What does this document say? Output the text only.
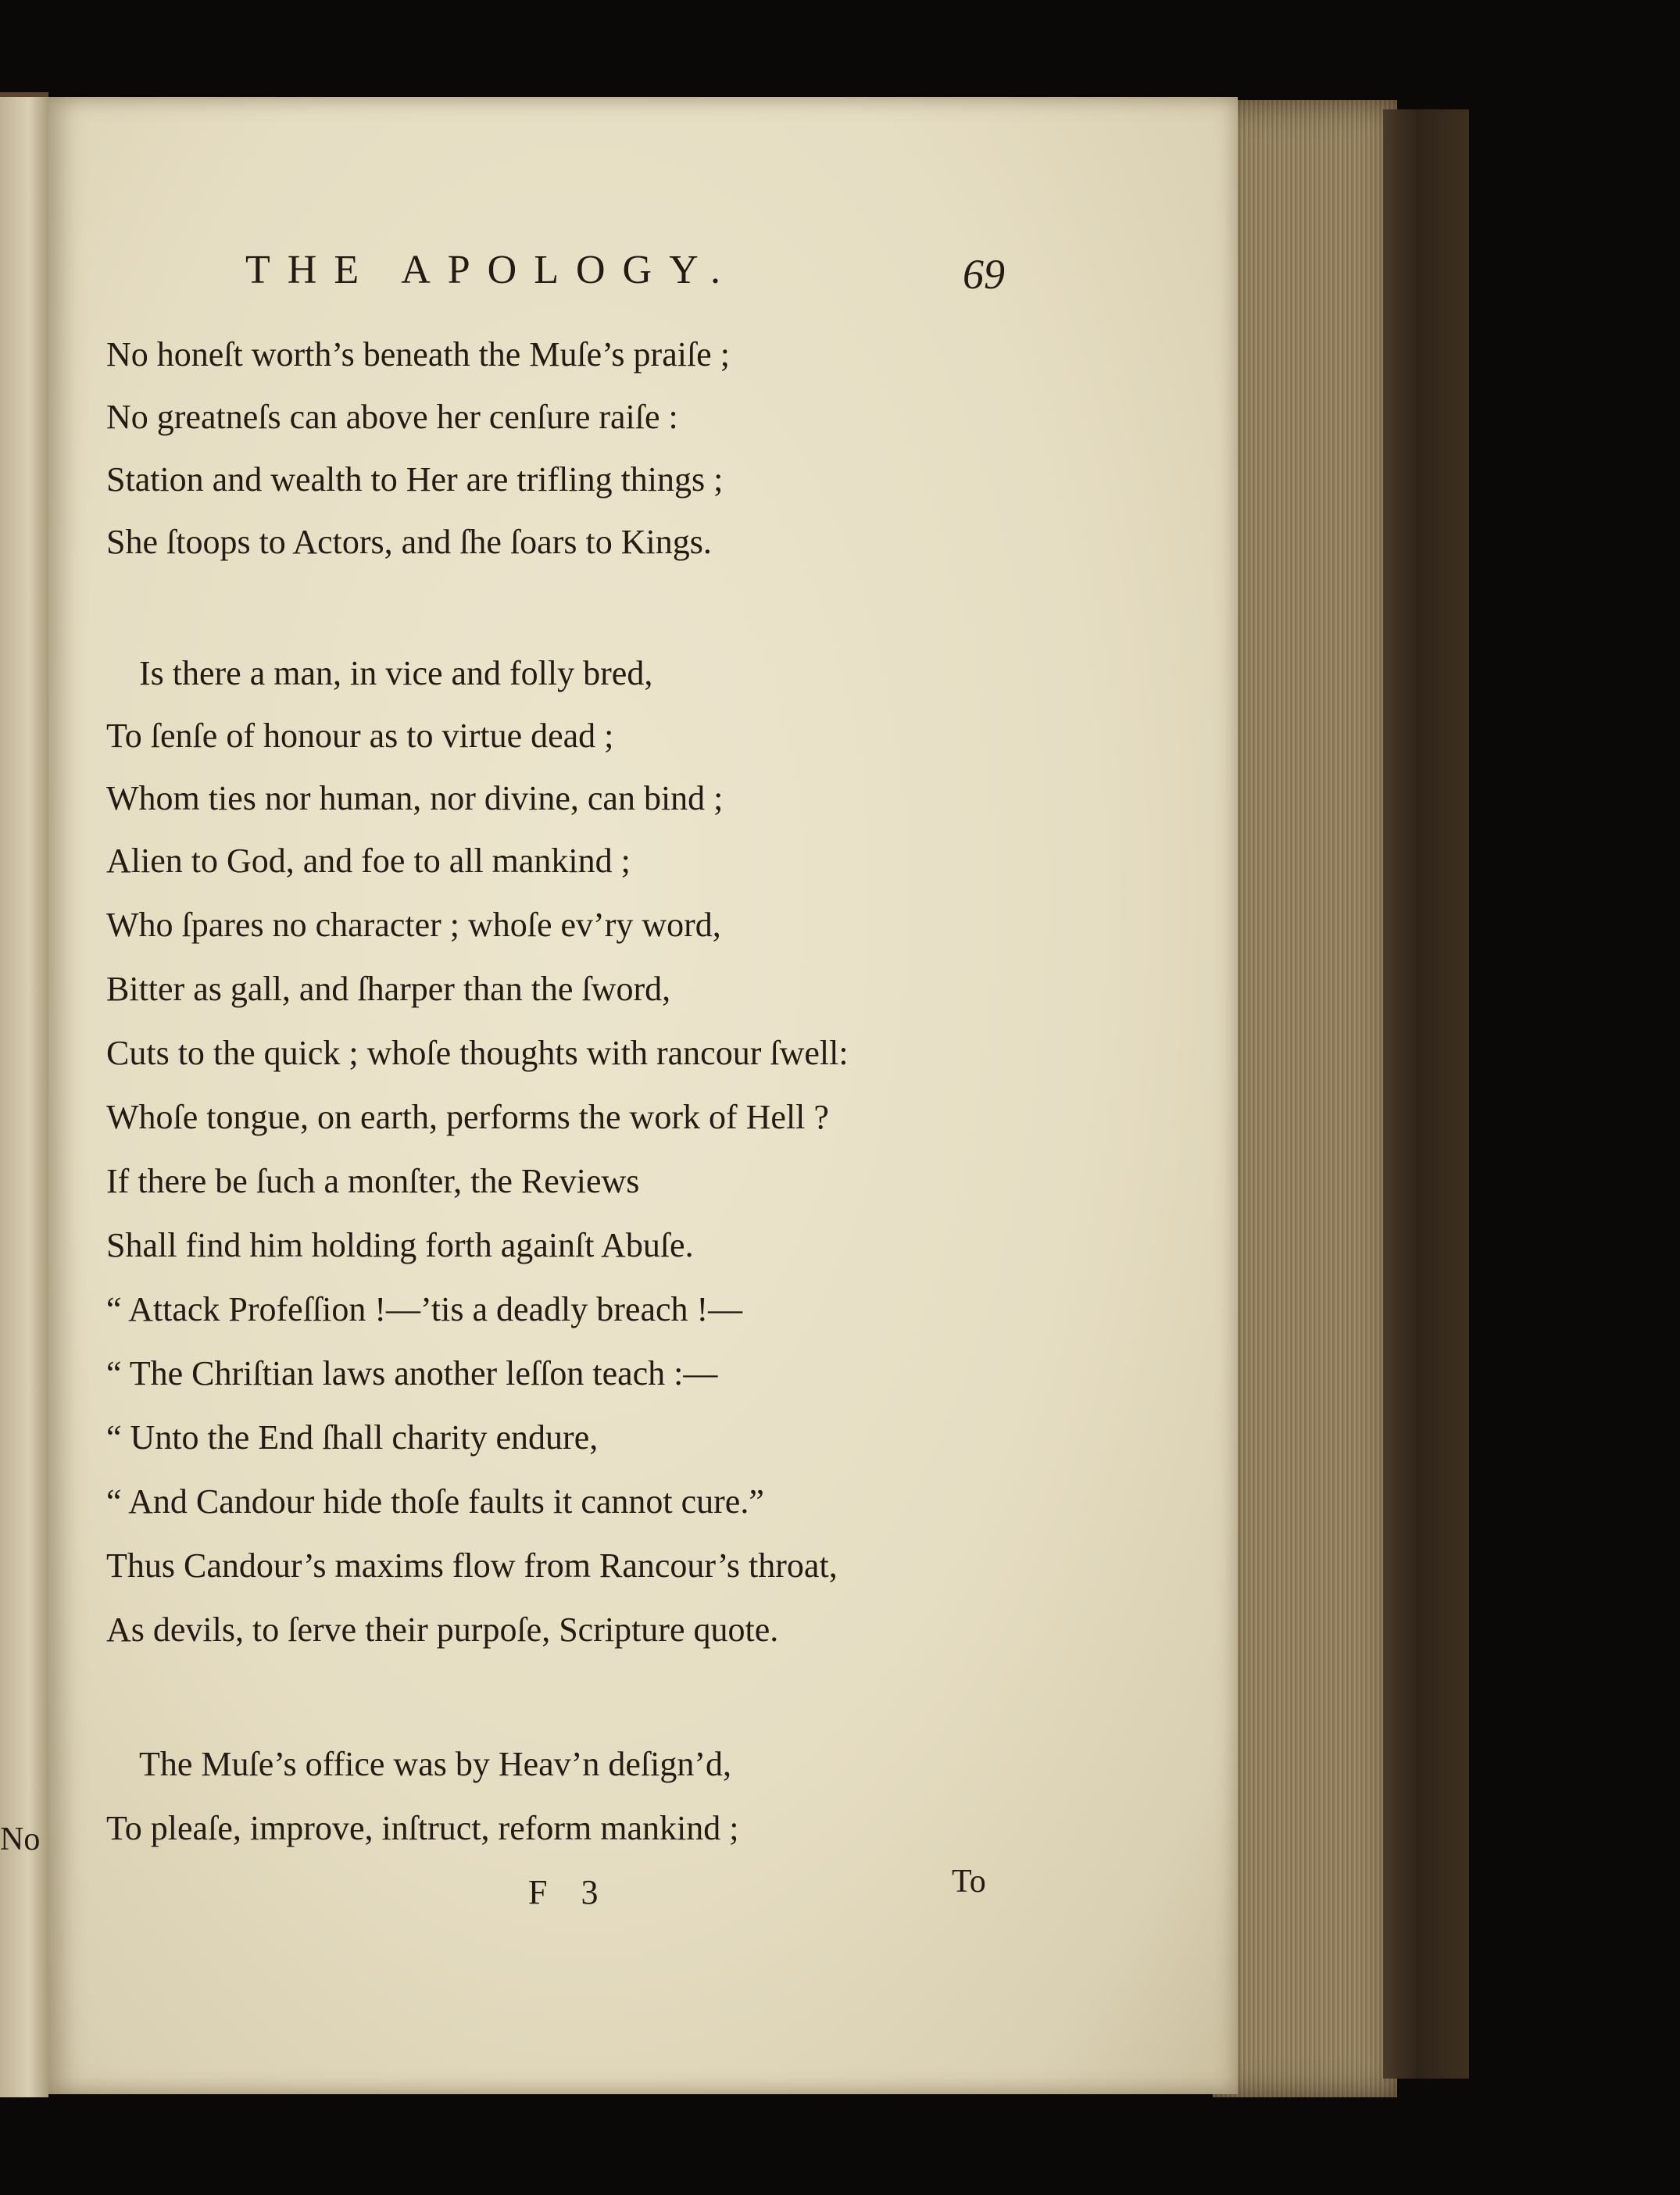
No
THE APOLOGY.	69
No honeſt worth’s beneath the Muſe’s praiſe ;
No greatneſs can above her cenſure raiſe :
Station and wealth to Her are trifling things ;
She ſtoops to Actors, and ſhe ſoars to Kings.
Is there a man, in vice and folly bred,
To ſenſe of honour as to virtue dead ;
Whom ties nor human, nor divine, can bind ;
Alien to God, and foe to all mankind ;
Who ſpares no character ; whoſe ev’ry word,
Bitter as gall, and ſharper than the ſword,
Cuts to the quick ; whoſe thoughts with rancour ſwell:
Whoſe tongue, on earth, performs the work of Hell ?
If there be ſuch a monſter, the Reviews
Shall find him holding forth againſt Abuſe.
“ Attack Profeſſion !—’tis a deadly breach !—
“ The Chriſtian laws another leſſon teach :—
“ Unto the End ſhall charity endure,
“ And Candour hide thoſe faults it cannot cure.”
Thus Candour’s maxims flow from Rancour’s throat,
As devils, to ſerve their purpoſe, Scripture quote.
The Muſe’s office was by Heav’n deſign’d,
To pleaſe, improve, inſtruct, reform mankind ;
F 3	To
